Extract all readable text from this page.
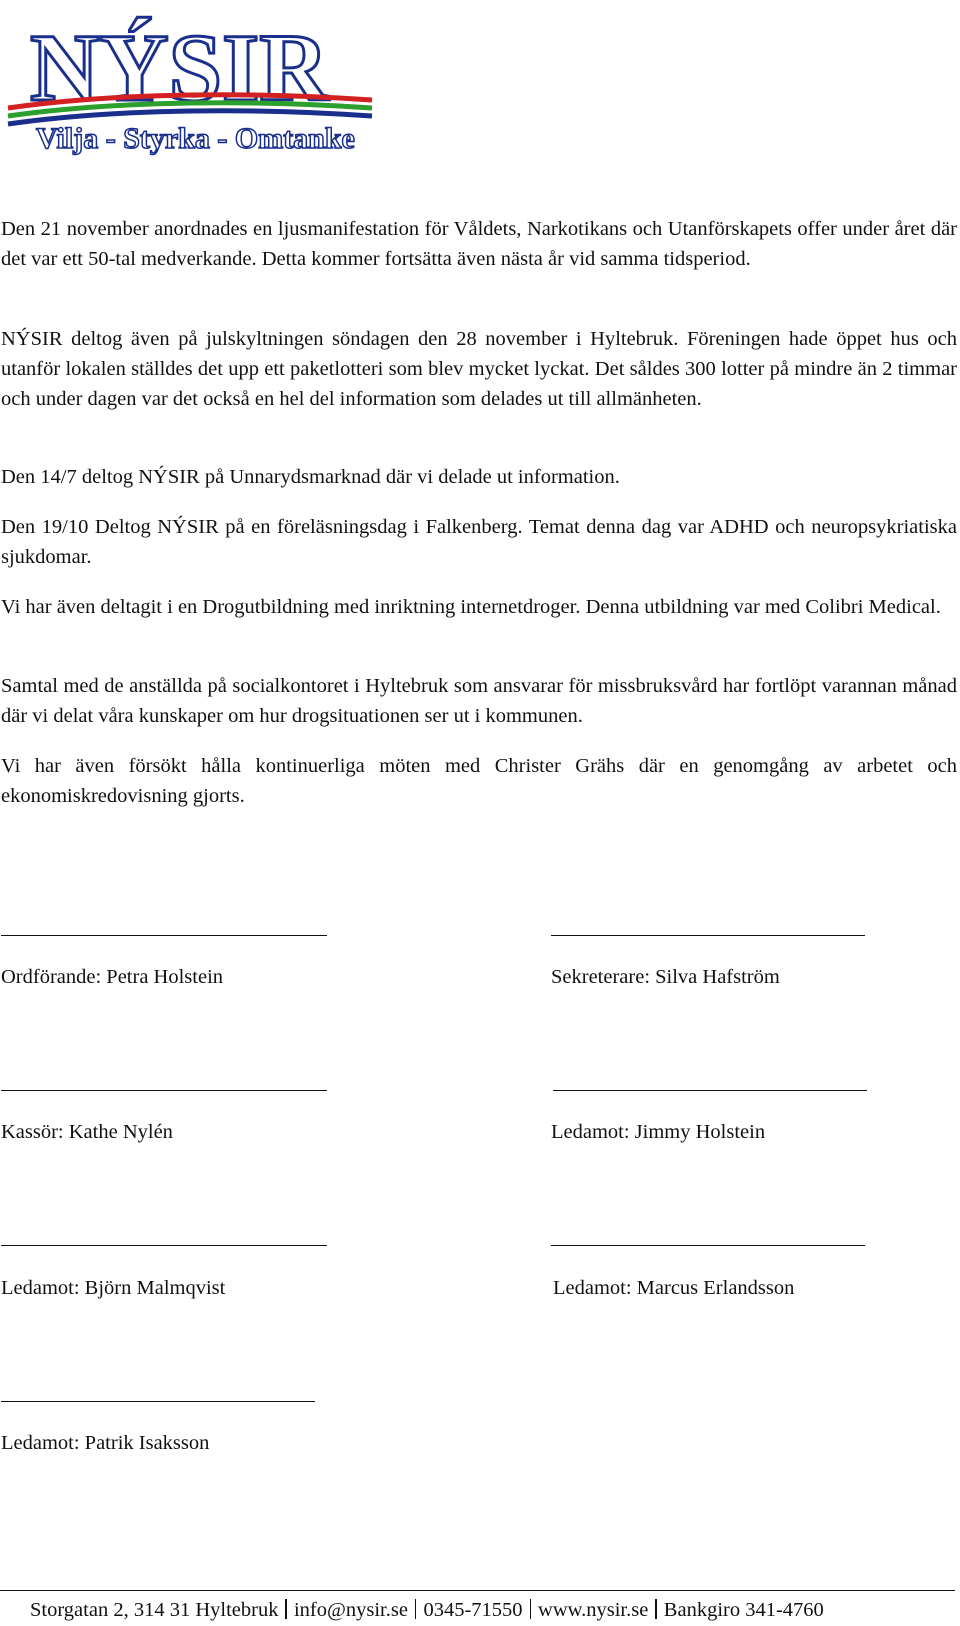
NÝSIR
Vilja - Styrka - Omtanke

Den 21 november anordnades en ljusmanifestation för Våldets, Narkotikans och Utanförskapets offer under året där det var ett 50-tal medverkande. Detta kommer fortsätta även nästa år vid samma tidsperiod.

NÝSIR deltog även på julskyltningen söndagen den 28 november i Hyltebruk. Föreningen hade öppet hus och utanför lokalen ställdes det upp ett paketlotteri som blev mycket lyckat. Det såldes 300 lotter på mindre än 2 timmar och under dagen var det också en hel del information som delades ut till allmänheten.

Den 14/7 deltog NÝSIR på Unnarydsmarknad där vi delade ut information.

Den 19/10 Deltog NÝSIR på en föreläsningsdag i Falkenberg. Temat denna dag var ADHD och neuropsykriatiska sjukdomar.

Vi har även deltagit i en Drogutbildning med inriktning internetdroger. Denna utbildning var med Colibri Medical.

Samtal med de anställda på socialkontoret i Hyltebruk som ansvarar för missbruksvård har fortlöpt varannan månad där vi delat våra kunskaper om hur drogsituationen ser ut i kommunen.

Vi har även försökt hålla kontinuerliga möten med Christer Grähs där en genomgång av arbetet och ekonomiskredovisning gjorts.

Ordförande: Petra Holstein	Sekreterare: Silva Hafström
Kassör: Kathe Nylén	Ledamot: Jimmy Holstein
Ledamot: Björn Malmqvist	Ledamot: Marcus Erlandsson
Ledamot: Patrik Isaksson
Storgatan 2, 314 31 Hyltebruk info@nysir.se 0345-71550 www.nysir.se Bankgiro 341-4760
